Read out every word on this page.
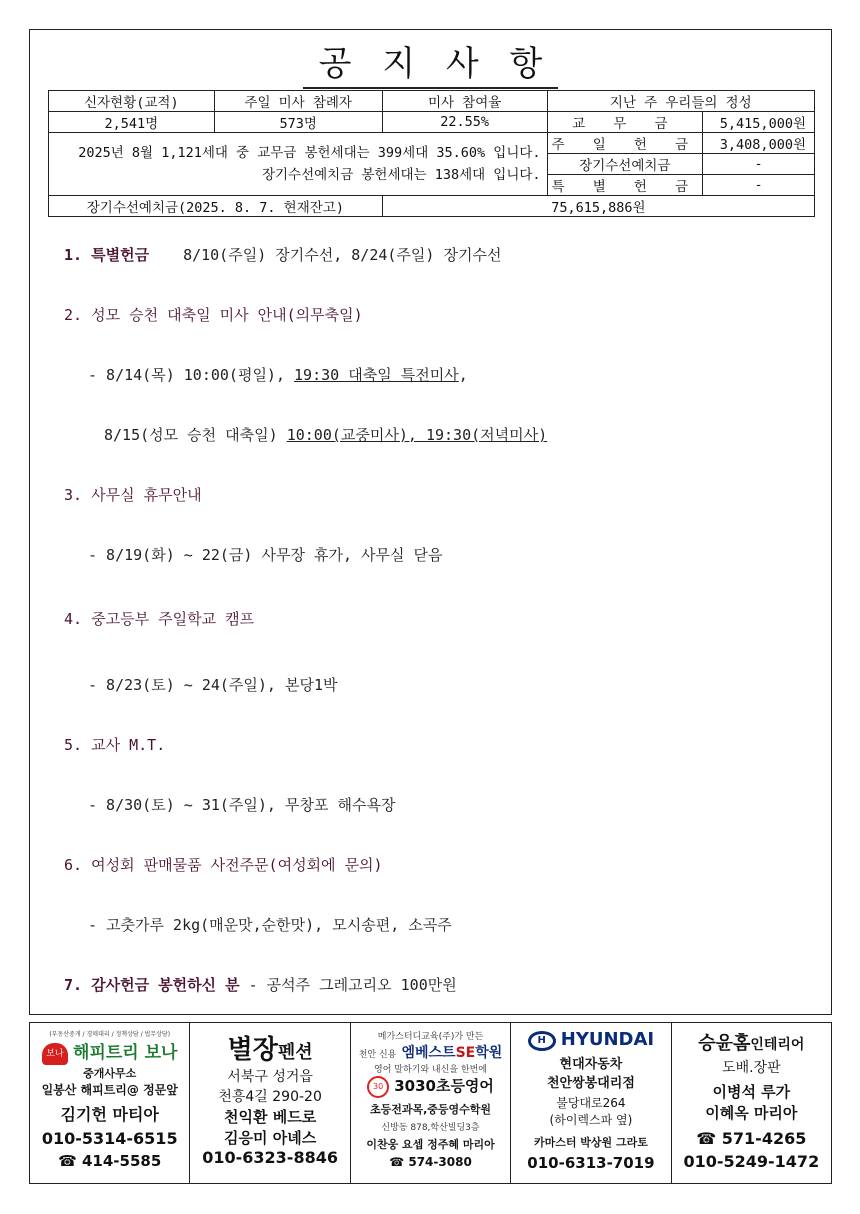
공 지 사 항
신자현황(교적)	주일 미사 참례자	미사 참여율	지난 주 우리들의 정성	
2,541명	573명	22.55%	교 무 금	5,415,000원

2025년 8월 1,121세대 중 교무금 봉헌세대는 399세대 35.60% 입니다.
장기수선예치금 봉헌세대는 138세대 입니다.			주 일 헌 금	3,408,000원
			장기수선예치금	-
			특 별 헌 금	-
장기수선예치금(2025. 8. 7. 현재잔고)		75,615,886원		
1. 특별헌금 8/10(주일) 장기수선, 8/24(주일) 장기수선
2. 성모 승천 대축일 미사 안내(의무축일)
- 8/14(목) 10:00(평일), 19:30 대축일 특전미사,
8/15(성모 승천 대축일) 10:00(교중미사), 19:30(저녁미사)
3. 사무실 휴무안내
- 8/19(화) ~ 22(금) 사무장 휴가, 사무실 닫음
4. 중고등부 주일학교 캠프
- 8/23(토) ~ 24(주일), 본당1박
5. 교사 M.T.
- 8/30(토) ~ 31(주일), 무창포 해수욕장
6. 여성회 판매물품 사전주문(여성회에 문의)
- 고춧가루 2kg(매운맛,순한맛), 모시송편, 소곡주
7. 감사헌금 봉헌하신 분 - 공석주 그레고리오 100만원
(부동산중개 / 경매대리 / 정책상담 / 법무상담)
보나 해피트리 보나
중개사무소
일봉산 해피트리@ 정문앞
김기헌 마티아
010-5314-6515
☎ 414-5585
별장펜션
서북구 성거읍
천흥4길 290-20
천익환 베드로
김응미 아녜스
010-6323-8846
메가스터디교육(주)가 만든
천안 신용 엠베스트SE학원
영어 말하기와 내신을 한번에
30 3030초등영어
초등전과목,중등영수학원
신방동 878,학산빌딩3층
이찬웅 요셉 정주혜 마리아
☎ 574-3080
H HYUNDAI
현대자동차
천안쌍봉대리점
불당대로264
(하이렉스파 옆)
카마스터 박상원 그라토
010-6313-7019
승윤홈인테리어
도배.장판
이병석 루가
이혜옥 마리아
☎ 571-4265
010-5249-1472
